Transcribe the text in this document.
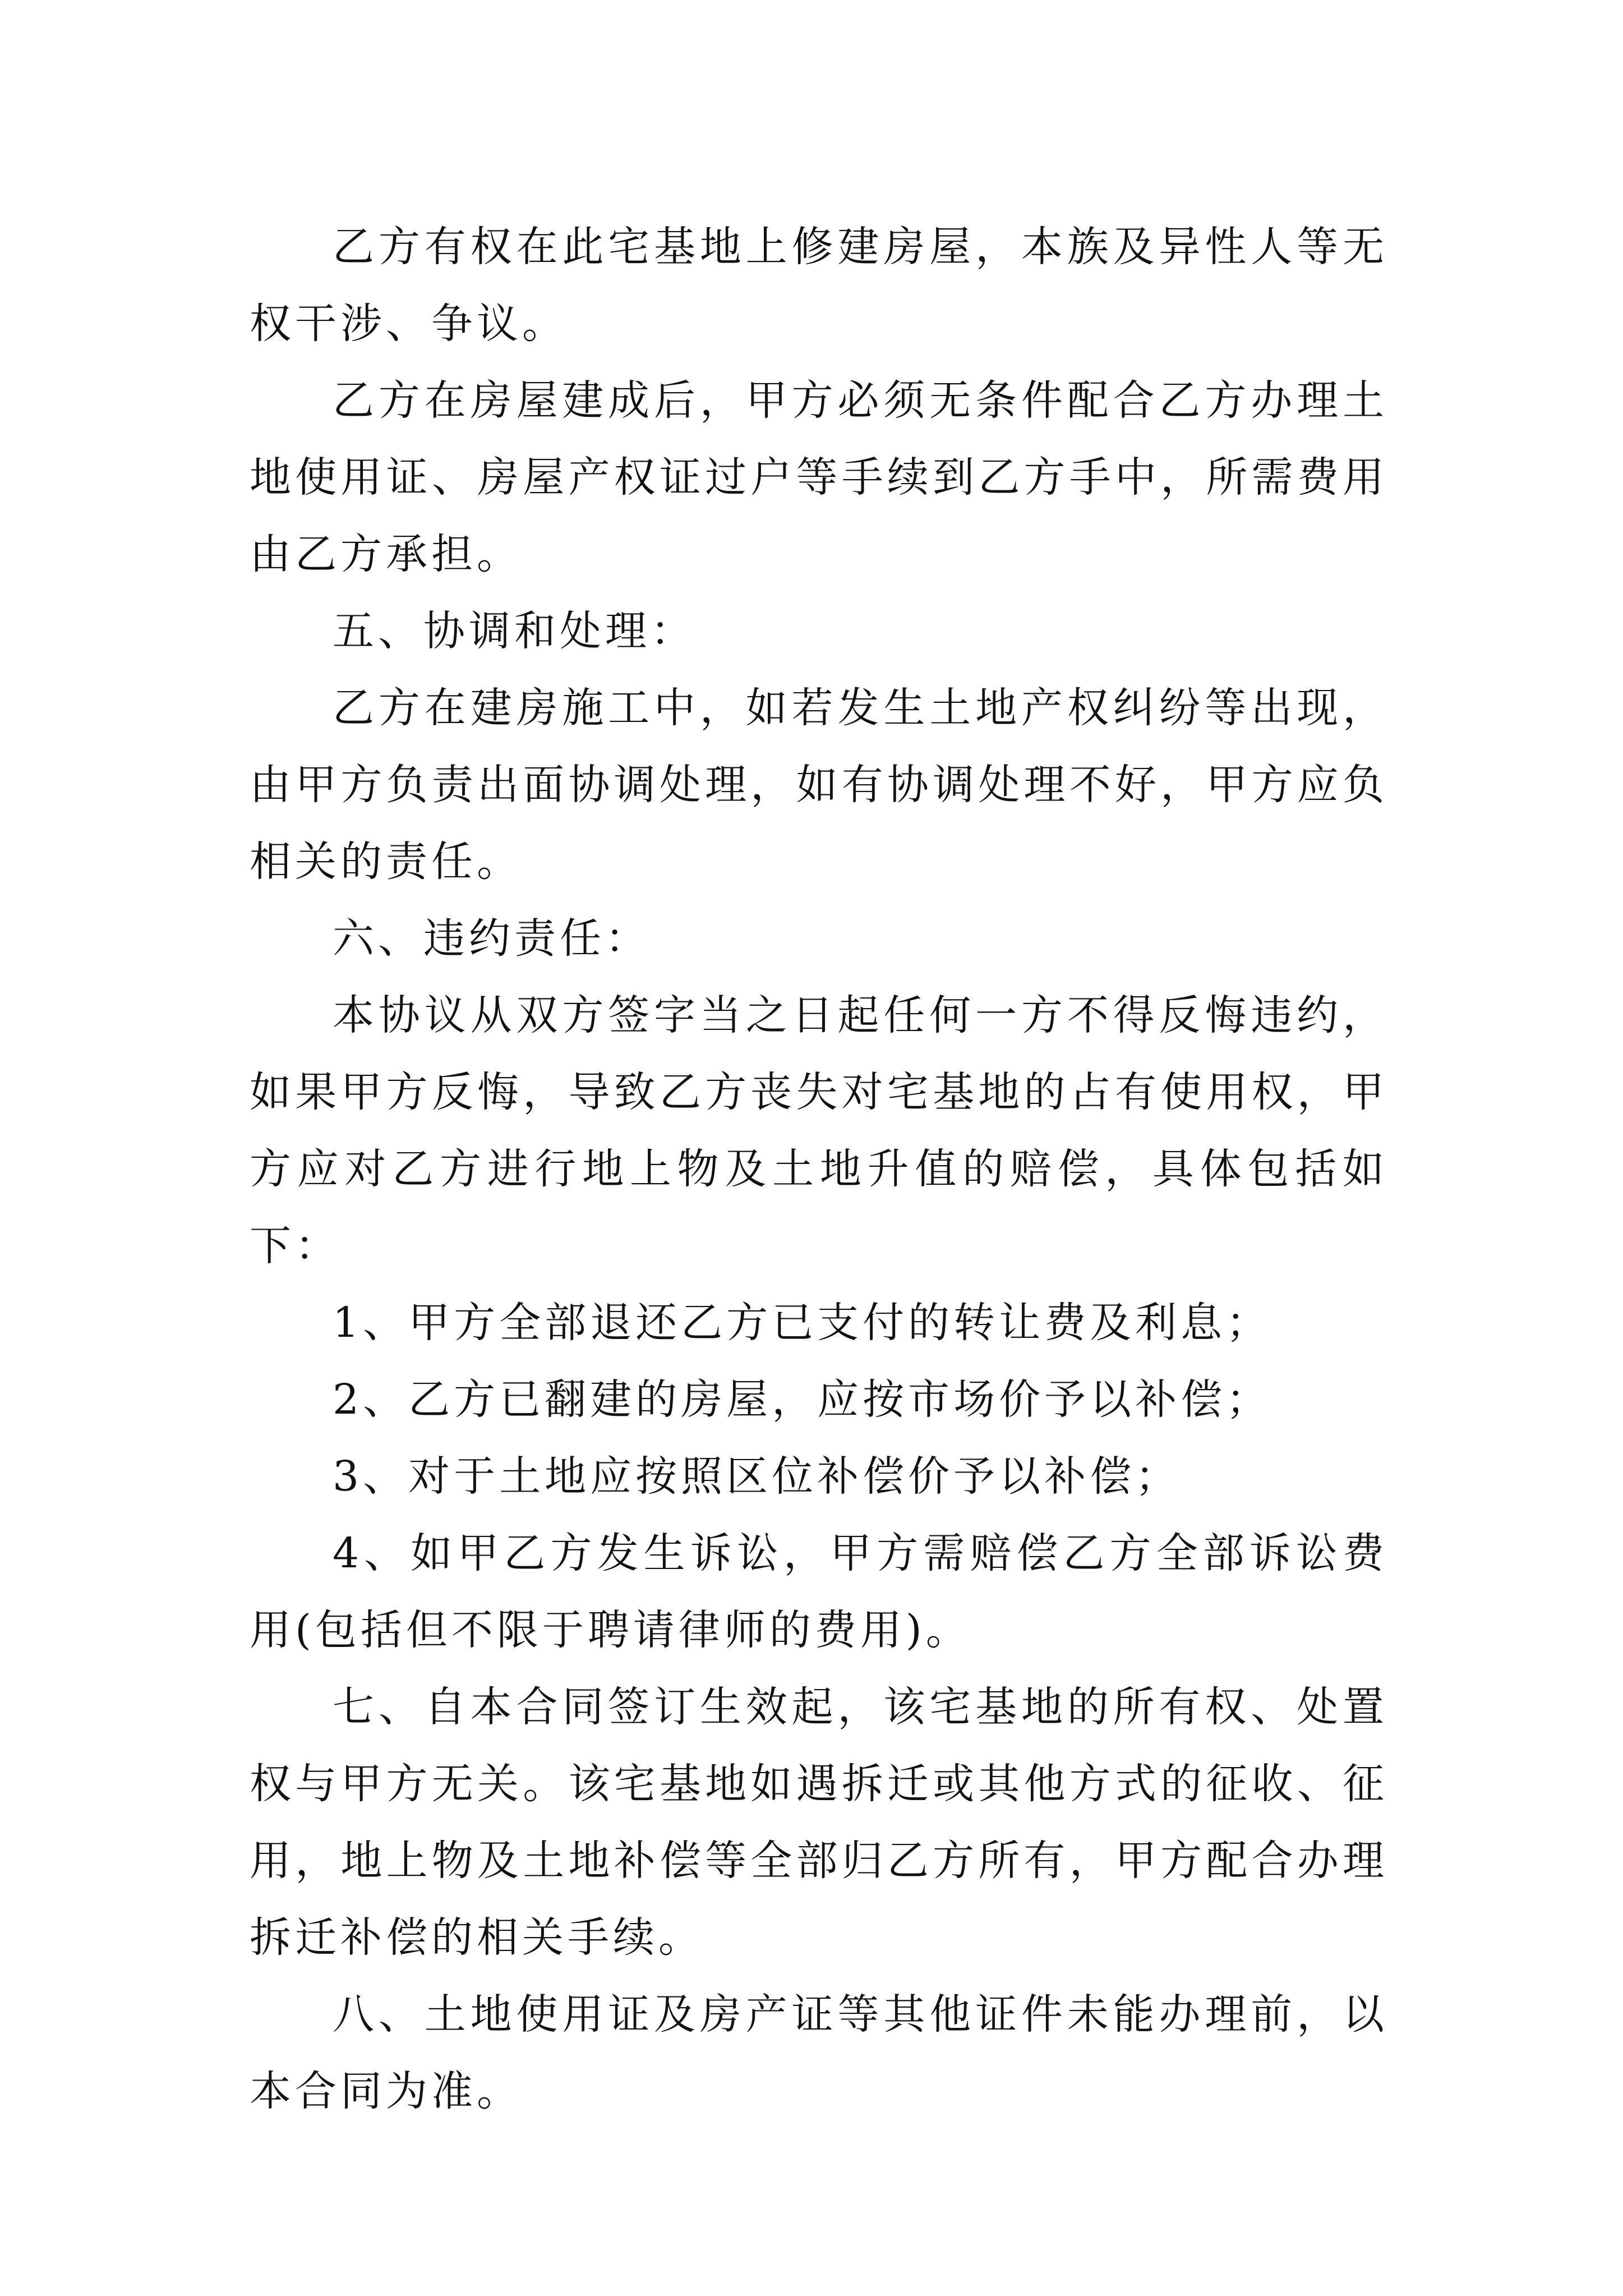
乙方有权在此宅基地上修建房屋，本族及异性人等无权干涉、争议。

乙方在房屋建成后，甲方必须无条件配合乙方办理土地使用证、房屋产权证过户等手续到乙方手中，所需费用由乙方承担。

五、协调和处理：

乙方在建房施工中，如若发生土地产权纠纷等出现，由甲方负责出面协调处理，如有协调处理不好，甲方应负相关的责任。

六、违约责任：

本协议从双方签字当之日起任何一方不得反悔违约，如果甲方反悔，导致乙方丧失对宅基地的占有使用权，甲方应对乙方进行地上物及土地升值的赔偿，具体包括如下：

1、甲方全部退还乙方已支付的转让费及利息；

2、乙方已翻建的房屋，应按市场价予以补偿；

3、对于土地应按照区位补偿价予以补偿；

4、如甲乙方发生诉讼，甲方需赔偿乙方全部诉讼费用(包括但不限于聘请律师的费用)。

七、自本合同签订生效起，该宅基地的所有权、处置权与甲方无关。该宅基地如遇拆迁或其他方式的征收、征用，地上物及土地补偿等全部归乙方所有，甲方配合办理拆迁补偿的相关手续。

八、土地使用证及房产证等其他证件未能办理前，以本合同为准。
